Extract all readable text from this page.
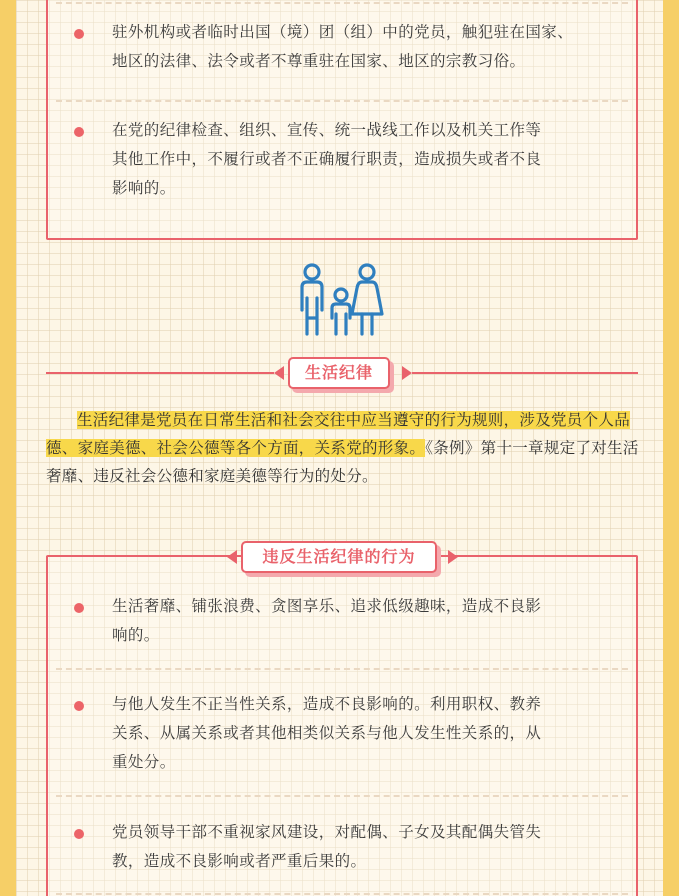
驻外机构或者临时出国（境）团（组）中的党员，触犯驻在国家、
地区的法律、法令或者不尊重驻在国家、地区的宗教习俗。
在党的纪律检查、组织、宣传、统一战线工作以及机关工作等
其他工作中，不履行或者不正确履行职责，造成损失或者不良
影响的。
生活纪律
生活纪律是党员在日常生活和社会交往中应当遵守的行为规则，涉及党员个人品德、家庭美德、社会公德等各个方面，关系党的形象。《条例》第十一章规定了对生活奢靡、违反社会公德和家庭美德等行为的处分。
生活奢靡、铺张浪费、贪图享乐、追求低级趣味，造成不良影
响的。
与他人发生不正当性关系，造成不良影响的。利用职权、教养
关系、从属关系或者其他相类似关系与他人发生性关系的，从
重处分。
党员领导干部不重视家风建设，对配偶、子女及其配偶失管失
教，造成不良影响或者严重后果的。
违反生活纪律的行为
